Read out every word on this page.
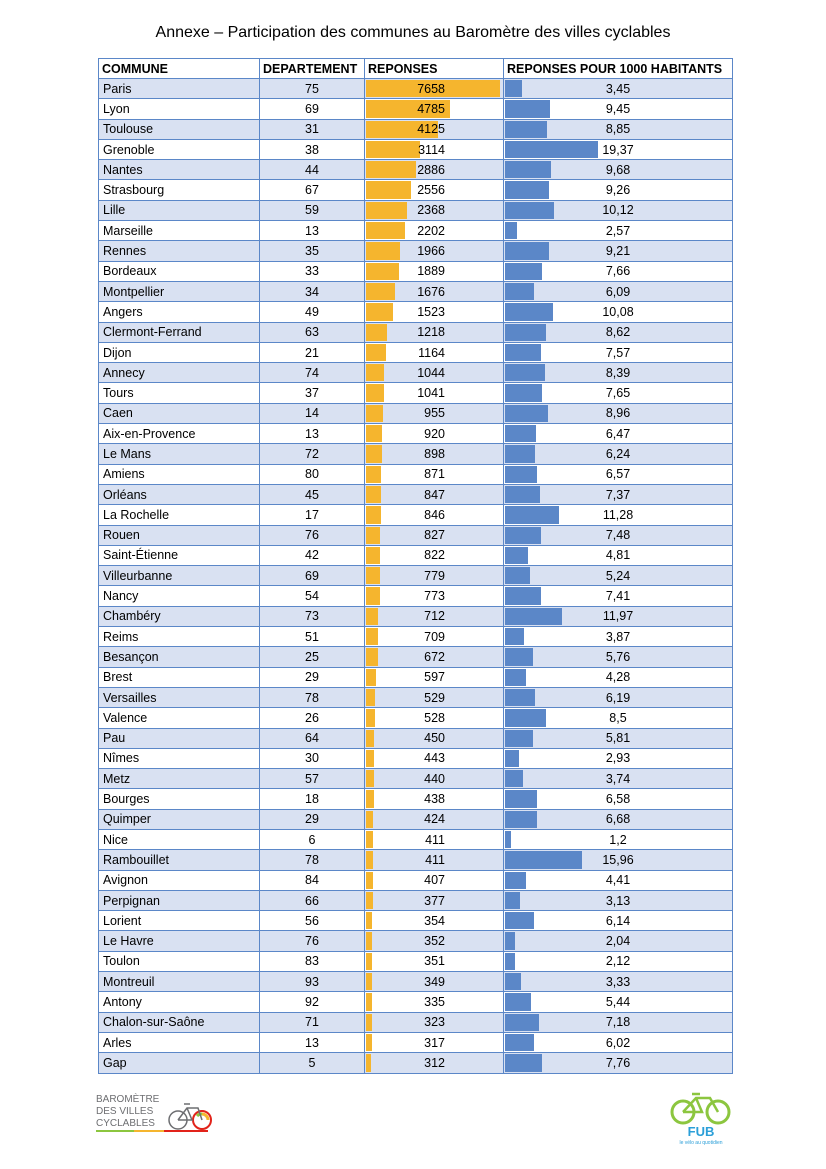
Annexe – Participation des communes au Baromètre des villes cyclables
COMMUNE	DEPARTEMENT	REPONSES	REPONSES POUR 1000 HABITANTS
Paris	75	7658	3,45

Lyon	69	4785	9,45

Toulouse	31	4125	8,85

Grenoble	38	3114	19,37

Nantes	44	2886	9,68

Strasbourg	67	2556	9,26

Lille	59	2368	10,12

Marseille	13	2202	2,57

Rennes	35	1966	9,21

Bordeaux	33	1889	7,66

Montpellier	34	1676	6,09

Angers	49	1523	10,08

Clermont-Ferrand	63	1218	8,62

Dijon	21	1164	7,57

Annecy	74	1044	8,39

Tours	37	1041	7,65

Caen	14	955	8,96

Aix-en-Provence	13	920	6,47

Le Mans	72	898	6,24

Amiens	80	871	6,57

Orléans	45	847	7,37

La Rochelle	17	846	11,28

Rouen	76	827	7,48

Saint-Étienne	42	822	4,81

Villeurbanne	69	779	5,24

Nancy	54	773	7,41

Chambéry	73	712	11,97

Reims	51	709	3,87

Besançon	25	672	5,76

Brest	29	597	4,28

Versailles	78	529	6,19

Valence	26	528	8,5

Pau	64	450	5,81

Nîmes	30	443	2,93

Metz	57	440	3,74

Bourges	18	438	6,58

Quimper	29	424	6,68

Nice	6	411	1,2

Rambouillet	78	411	15,96

Avignon	84	407	4,41

Perpignan	66	377	3,13

Lorient	56	354	6,14

Le Havre	76	352	2,04

Toulon	83	351	2,12

Montreuil	93	349	3,33

Antony	92	335	5,44

Chalon-sur-Saône	71	323	7,18

Arles	13	317	6,02

Gap	5	312	7,76
BAROMÈTRE
DES VILLES
CYCLABLES
FUB
le vélo au quotidien
